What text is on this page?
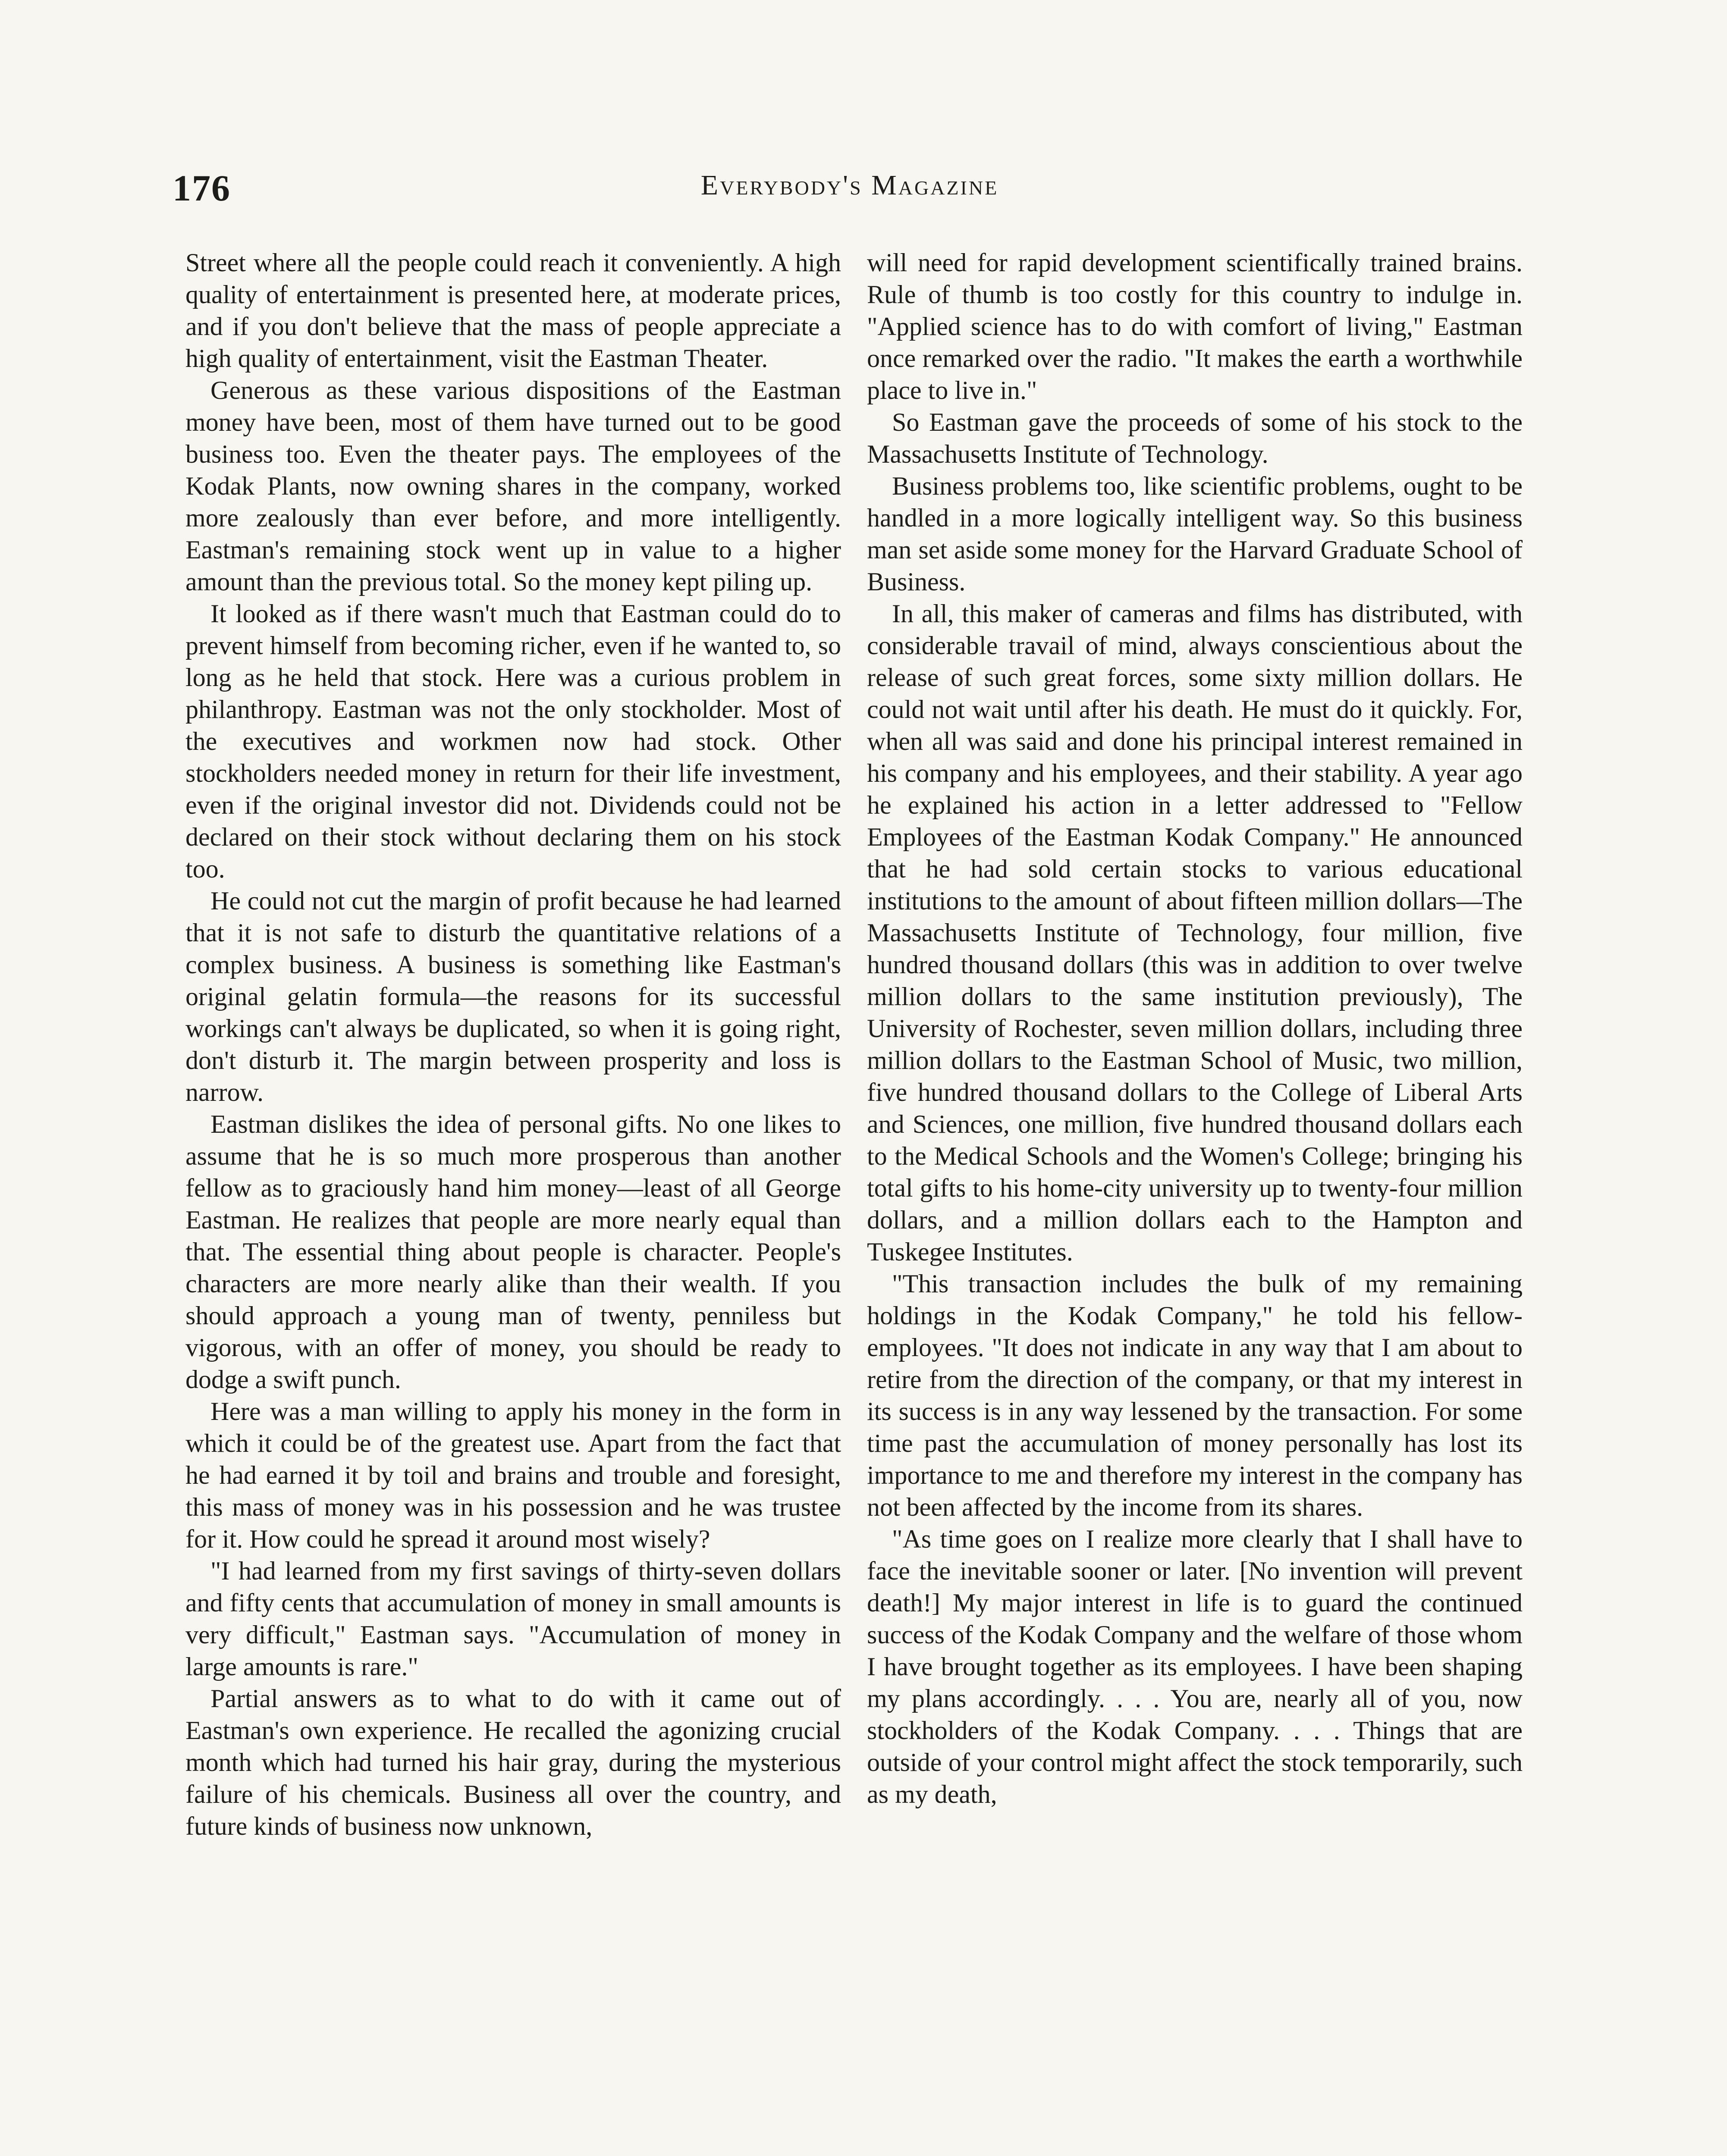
176	Everybody's Magazine

Street where all the people could reach it conveniently. A high quality of entertainment is presented here, at moderate prices, and if you don't believe that the mass of people appreciate a high quality of entertainment, visit the Eastman Theater.

Generous as these various dispositions of the Eastman money have been, most of them have turned out to be good business too. Even the theater pays. The employees of the Kodak Plants, now owning shares in the company, worked more zealously than ever before, and more intelligently. Eastman's remaining stock went up in value to a higher amount than the previous total. So the money kept piling up.

It looked as if there wasn't much that Eastman could do to prevent himself from becoming richer, even if he wanted to, so long as he held that stock. Here was a curious problem in philanthropy. Eastman was not the only stockholder. Most of the executives and workmen now had stock. Other stockholders needed money in return for their life investment, even if the original investor did not. Dividends could not be declared on their stock without declaring them on his stock too.

He could not cut the margin of profit because he had learned that it is not safe to disturb the quantitative relations of a complex business. A business is something like Eastman's original gelatin formula—the reasons for its successful workings can't always be duplicated, so when it is going right, don't disturb it. The margin between prosperity and loss is narrow.

Eastman dislikes the idea of personal gifts. No one likes to assume that he is so much more prosperous than another fellow as to graciously hand him money—least of all George Eastman. He realizes that people are more nearly equal than that. The essential thing about people is character. People's characters are more nearly alike than their wealth. If you should approach a young man of twenty, penniless but vigorous, with an offer of money, you should be ready to dodge a swift punch.

Here was a man willing to apply his money in the form in which it could be of the greatest use. Apart from the fact that he had earned it by toil and brains and trouble and foresight, this mass of money was in his possession and he was trustee for it. How could he spread it around most wisely?

"I had learned from my first savings of thirty-seven dollars and fifty cents that accumulation of money in small amounts is very difficult," Eastman says. "Accumulation of money in large amounts is rare."

Partial answers as to what to do with it came out of Eastman's own experience. He recalled the agonizing crucial month which had turned his hair gray, during the mysterious failure of his chemicals. Business all over the country, and future kinds of business now unknown,

will need for rapid development scientifically trained brains. Rule of thumb is too costly for this country to indulge in. "Applied science has to do with comfort of living," Eastman once remarked over the radio. "It makes the earth a worthwhile place to live in."

So Eastman gave the proceeds of some of his stock to the Massachusetts Institute of Technology.

Business problems too, like scientific problems, ought to be handled in a more logically intelligent way. So this business man set aside some money for the Harvard Graduate School of Business.

In all, this maker of cameras and films has distributed, with considerable travail of mind, always conscientious about the release of such great forces, some sixty million dollars. He could not wait until after his death. He must do it quickly. For, when all was said and done his principal interest remained in his company and his employees, and their stability. A year ago he explained his action in a letter addressed to "Fellow Employees of the Eastman Kodak Company." He announced that he had sold certain stocks to various educational institutions to the amount of about fifteen million dollars—The Massachusetts Institute of Technology, four million, five hundred thousand dollars (this was in addition to over twelve million dollars to the same institution previously), The University of Rochester, seven million dollars, including three million dollars to the Eastman School of Music, two million, five hundred thousand dollars to the College of Liberal Arts and Sciences, one million, five hundred thousand dollars each to the Medical Schools and the Women's College; bringing his total gifts to his home-city university up to twenty-four million dollars, and a million dollars each to the Hampton and Tuskegee Institutes.

"This transaction includes the bulk of my remaining holdings in the Kodak Company," he told his fellow-employees. "It does not indicate in any way that I am about to retire from the direction of the company, or that my interest in its success is in any way lessened by the transaction. For some time past the accumulation of money personally has lost its importance to me and therefore my interest in the company has not been affected by the income from its shares.

"As time goes on I realize more clearly that I shall have to face the inevitable sooner or later. [No invention will prevent death!] My major interest in life is to guard the continued success of the Kodak Company and the welfare of those whom I have brought together as its employees. I have been shaping my plans accordingly. . . . You are, nearly all of you, now stockholders of the Kodak Company. . . . Things that are outside of your control might affect the stock temporarily, such as my death,
